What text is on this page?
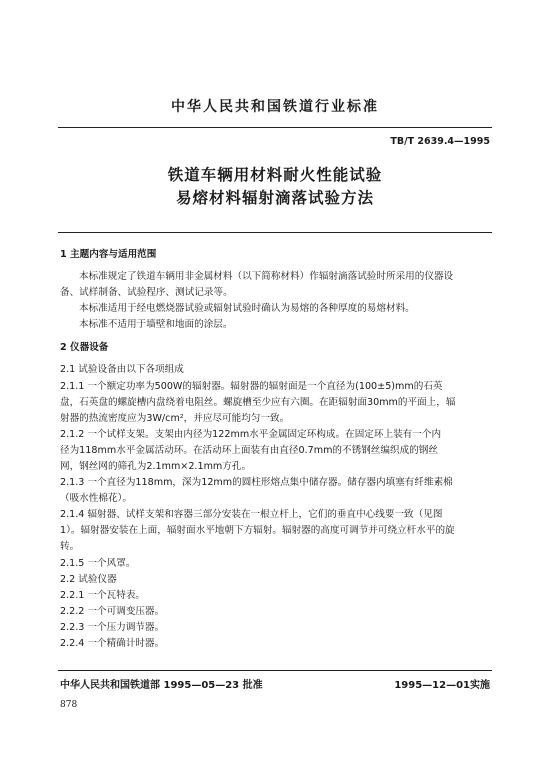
中华人民共和国铁道行业标准
TB/T 2639.4—1995
铁道车辆用材料耐火性能试验
易熔材料辐射滴落试验方法
1 主题内容与适用范围
本标准规定了铁道车辆用非金属材料（以下简称材料）作辐射滴落试验时所采用的仪器设
备、试样制备、试验程序、测试记录等。
本标准适用于经电燃烧器试验或辐射试验时确认为易熔的各种厚度的易熔材料。
本标准不适用于墙壁和地面的涂层。
2 仪器设备
2.1 试验设备由以下各项组成
2.1.1 一个额定功率为500W的辐射器。辐射器的辐射面是一个直径为(100±5)mm的石英
盘，石英盘的螺旋槽内盘绕着电阻丝。螺旋槽至少应有六圈。在距辐射面30mm的平面上，辐
射器的热流密度应为3W/cm²，并应尽可能均匀一致。
2.1.2 一个试样支架。支架由内径为122mm水平金属固定环构成。在固定环上装有一个内
径为118mm水平金属活动环。在活动环上面装有由直径0.7mm的不锈钢丝编织成的钢丝
网，钢丝网的筛孔为2.1mm×2.1mm方孔。
2.1.3 一个直径为118mm，深为12mm的圆柱形熔点集中储存器。储存器内填塞有纤维素棉
（吸水性棉花）。
2.1.4 辐射器、试样支架和容器三部分安装在一根立杆上，它们的垂直中心线要一致（见图
1）。辐射器安装在上面，辐射面水平地朝下方辐射。辐射器的高度可调节并可绕立杆水平的旋
转。
2.1.5 一个风罩。
2.2 试验仪器
2.2.1 一个瓦特表。
2.2.2 一个可调变压器。
2.2.3 一个压力调节器。
2.2.4 一个精确计时器。
中华人民共和国铁道部 1995—05—23 批准	1995—12—01实施
878
